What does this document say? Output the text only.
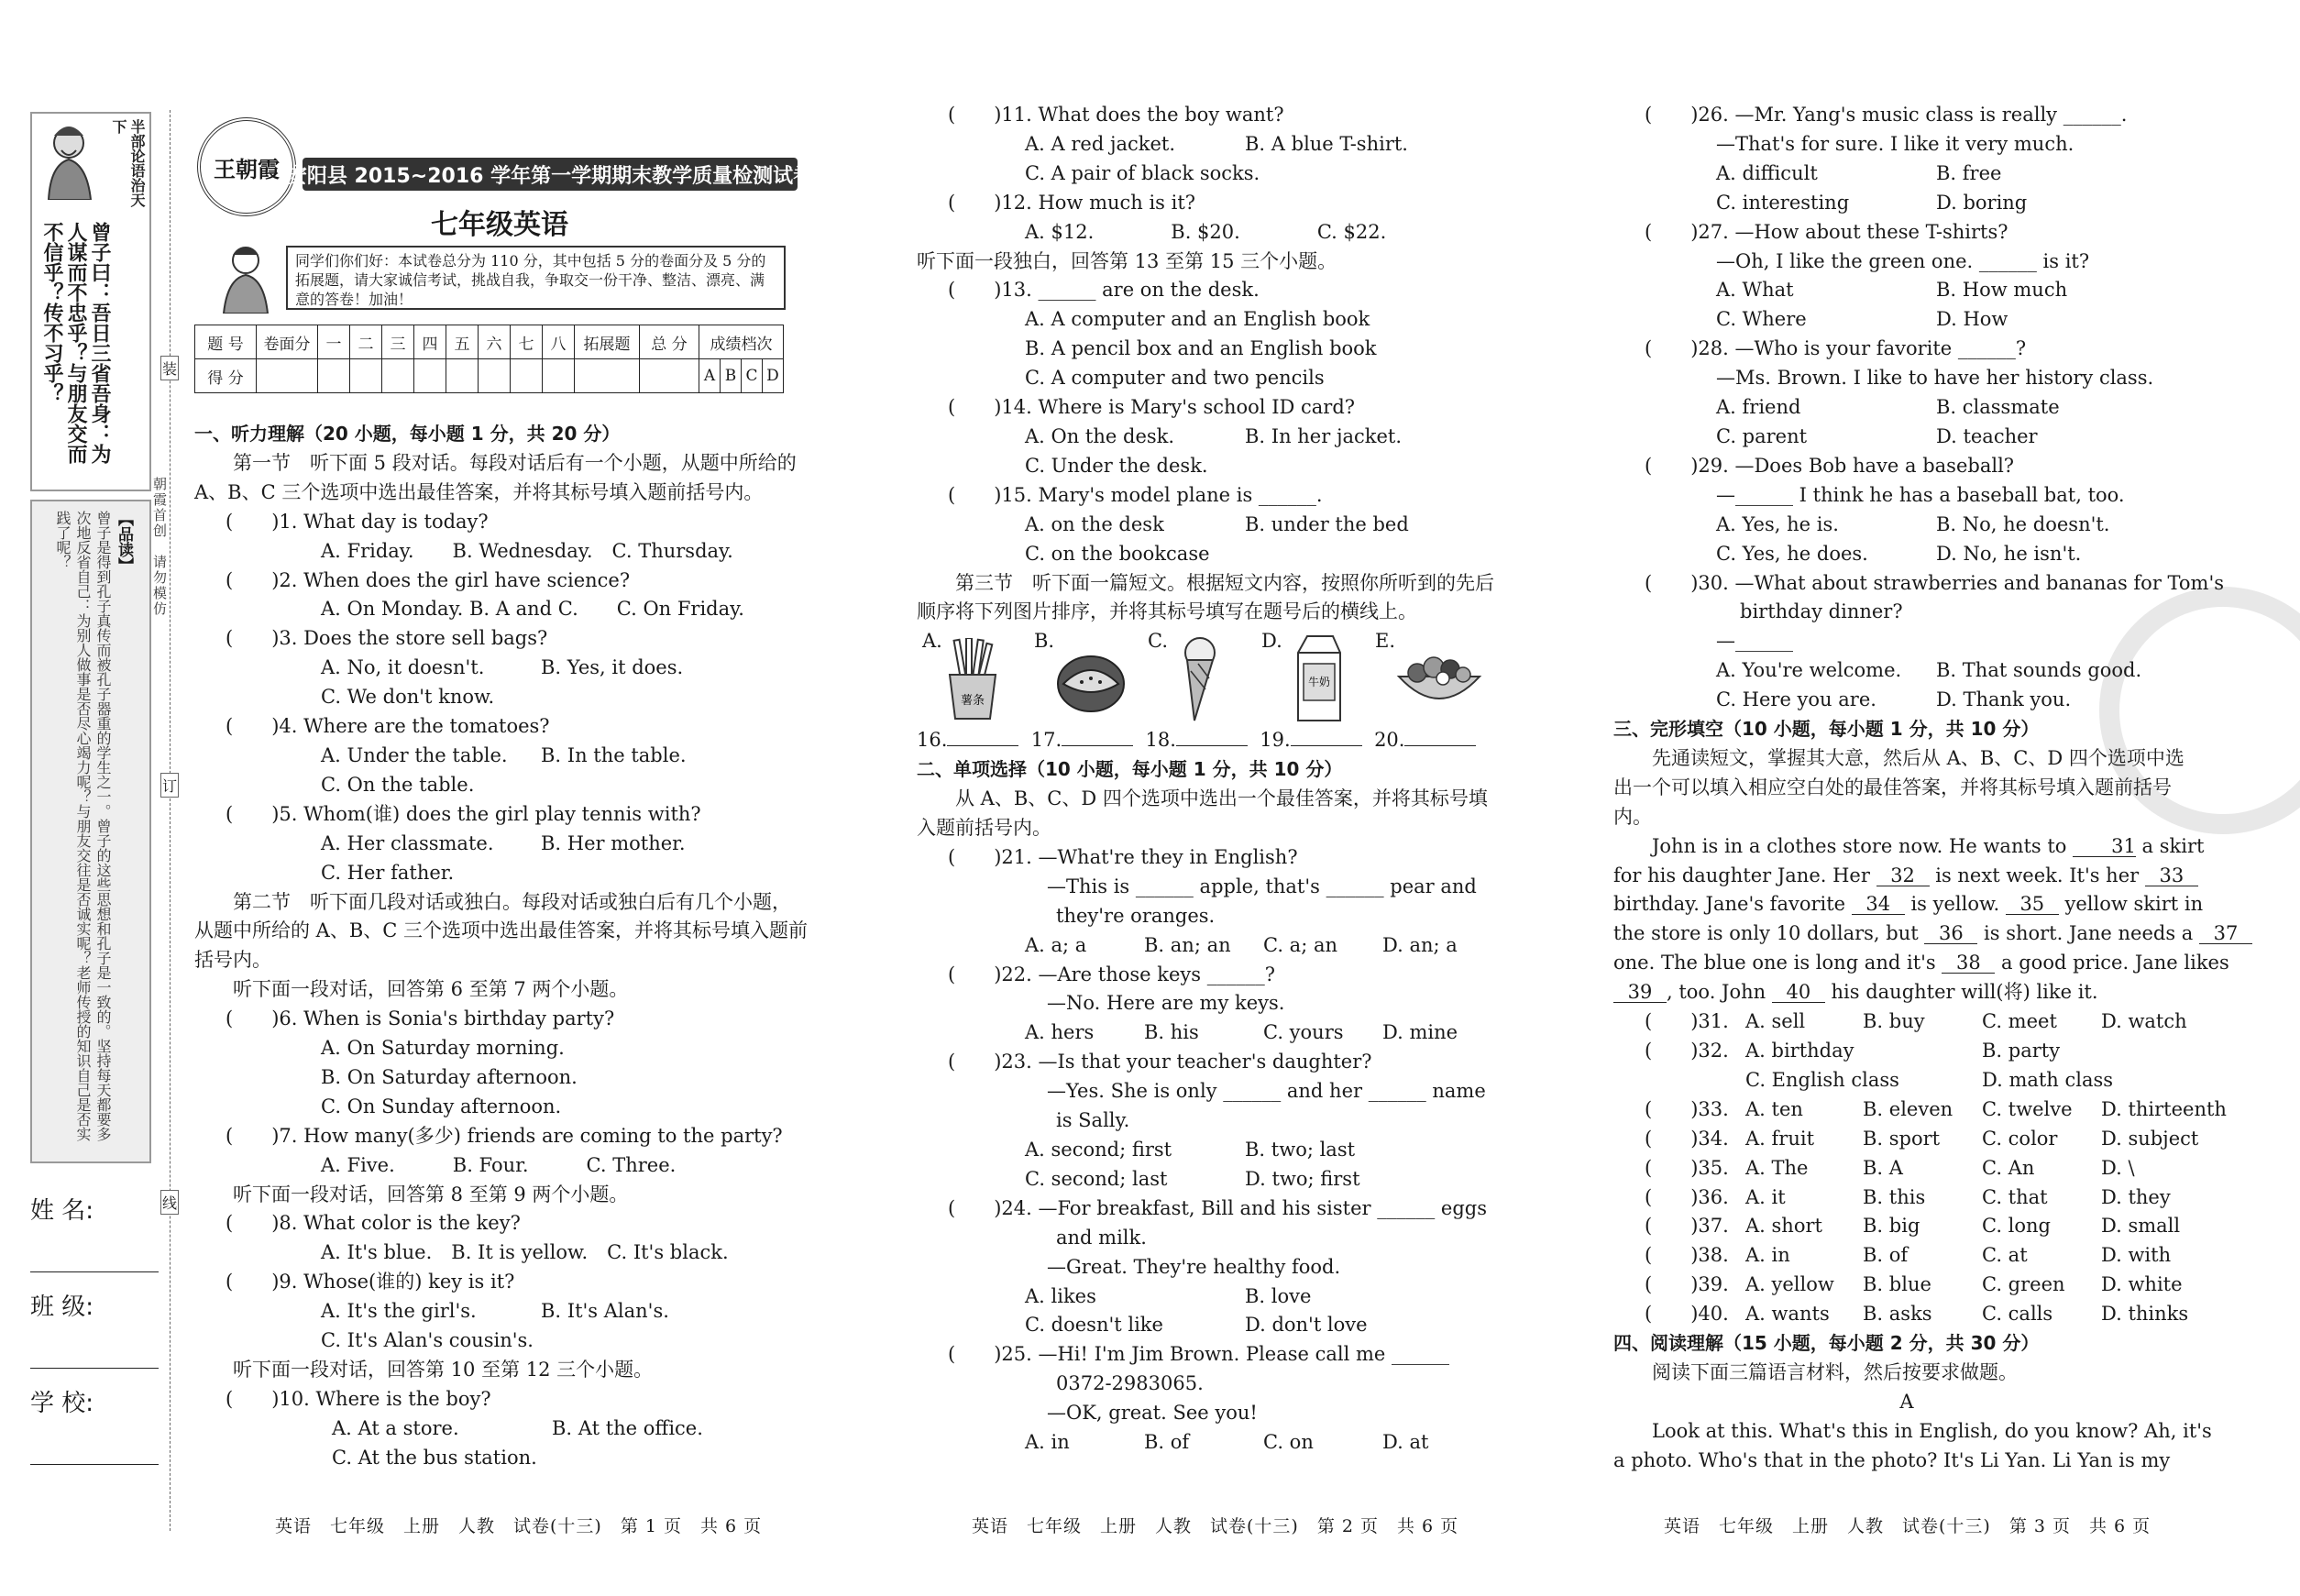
半部论语治天下
曾子曰：吾日三省吾身：为人谋而不忠乎？与朋友交而不信乎？传不习乎？
【品读】
曾子是得到孔子真传而被孔子器重的学生之一。曾子的这些思想和孔子是一致的。坚持每天都要多次地反省自己：为别人做事是否尽心竭力呢？与朋友交往是否诚实呢？老师传授的知识自己是否实践了呢？
姓 名:
班 级:
学 校:
装
订
线
朝霞首创　请勿模仿
王朝霞 安阳县 2015~2016 学年第一学期期末教学质量检测试卷
七年级英语
同学们你们好：本试卷总分为 110 分，其中包括 5 分的卷面分及 5 分的拓展题，请大家诚信考试，挑战自我，争取交一份干净、整洁、漂亮、满意的答卷！加油！
题 号	卷面分	一	二	三	四	五	六	七	八	拓展题	总 分	成绩档次			
得 分												A	B	C	D

一、听力理解（20 小题，每小题 1 分，共 20 分）

第一节　听下面 5 段对话。每段对话后有一个小题，从题中所给的 A、B、C 三个选项中选出最佳答案，并将其标号填入题前括号内。

(　　)1. What day is today?

A. Friday.　　B. Wednesday.　C. Thursday.

(　　)2. When does the girl have science?

A. On Monday. B. A and C.　　C. On Friday.

(　　)3. Does the store sell bags?

A. No, it doesn't.	B. Yes, it does.

C. We don't know.

(　　)4. Where are the tomatoes?

A. Under the table. B. In the table.

C. On the table.

(　　)5. Whom(谁) does the girl play tennis with?

A. Her classmate. B. Her mother.

C. Her father.

第二节　听下面几段对话或独白。每段对话或独白后有几个小题，从题中所给的 A、B、C 三个选项中选出最佳答案，并将其标号填入题前括号内。

听下面一段对话，回答第 6 至第 7 两个小题。

(　　)6. When is Sonia's birthday party?

A. On Saturday morning.

B. On Saturday afternoon.

C. On Sunday afternoon.

(　　)7. How many(多少) friends are coming to the party?

A. Five.　　　B. Four.　　　C. Three.

听下面一段对话，回答第 8 至第 9 两个小题。

(　　)8. What color is the key?

A. It's blue.　B. It is yellow.　C. It's black.

(　　)9. Whose(谁的) key is it?

A. It's the girl's.	B. It's Alan's.

C. It's Alan's cousin's.

听下面一段对话，回答第 10 至第 12 三个小题。

(　　)10. Where is the boy?

A. At a store.	B. At the office.

C. At the bus station.

(　　)11. What does the boy want?

A. A red jacket.	B. A blue T-shirt.

C. A pair of black socks.

(　　)12. How much is it?

A. $12.　　　　B. $20.　　　　C. $22.

听下面一段独白，回答第 13 至第 15 三个小题。

(　　)13. ______ are on the desk.

A. A computer and an English book

B. A pencil box and an English book

C. A computer and two pencils

(　　)14. Where is Mary's school ID card?

A. On the desk.	B. In her jacket.

C. Under the desk.

(　　)15. Mary's model plane is ______.

A. on the desk	B. under the bed

C. on the bookcase

第三节　听下面一篇短文。根据短文内容，按照你所听到的先后顺序将下列图片排序，并将其标号填写在题号后的横线上。

A.
薯条
B.	C.	D.
牛奶
E.

16.	17.	18.	19.	20.

二、单项选择（10 小题，每小题 1 分，共 10 分）

从 A、B、C、D 四个选项中选出一个最佳答案，并将其标号填入题前括号内。

(　　)21. —What're they in English?

—This is ______ apple, that's ______ pear and

they're oranges.

A. a; a	B. an; an C. a; an D. an; a

(　　)22. —Are those keys ______?

—No. Here are my keys.

A. hers	B. his	C. yours D. mine

(　　)23. —Is that your teacher's daughter?

—Yes. She is only ______ and her ______ name

is Sally.

A. second; first	B. two; last

C. second; last	D. two; first

(　　)24. —For breakfast, Bill and his sister ______ eggs

and milk.

—Great. They're healthy food.

A. likes	B. love

C. doesn't like	D. don't love

(　　)25. —Hi! I'm Jim Brown. Please call me ______

0372-2983065.

—OK, great. See you!

A. in	B. of	C. on	D. at

(　　)26. —Mr. Yang's music class is really ______.

—That's for sure. I like it very much.

A. difficult	B. free

C. interesting	D. boring

(　　)27. —How about these T-shirts?

—Oh, I like the green one. ______ is it?

A. What	B. How much

C. Where	D. How

(　　)28. —Who is your favorite ______?

—Ms. Brown. I like to have her history class.

A. friend	B. classmate

C. parent	D. teacher

(　　)29. —Does Bob have a baseball?

—______ I think he has a baseball bat, too.

A. Yes, he is.	B. No, he doesn't.

C. Yes, he does.	D. No, he isn't.

(　　)30. —What about strawberries and bananas for Tom's

birthday dinner?

—______

A. You're welcome. B. That sounds good.

C. Here you are.	D. Thank you.

三、完形填空（10 小题，每小题 1 分，共 10 分）

先通读短文，掌握其大意，然后从 A、B、C、D 四个选项中选出一个可以填入相应空白处的最佳答案，并将其标号填入题前括号内。

John is in a clothes store now. He wants to 31 a skirt

for his daughter Jane. Her 32 is next week. It's her 33

birthday. Jane's favorite 34 is yellow. 35 yellow skirt in

the store is only 10 dollars, but 36 is short. Jane needs a 37

one. The blue one is long and it's 38 a good price. Jane likes

39 , too. John 40 his daughter will(将) like it.

(　　)31. A. sell	B. buy	C. meet D. watch

(　　)32. A. birthday	B. party

C. English class	D. math class

(　　)33. A. ten	B. eleven C. twelve D. thirteenth

(　　)34. A. fruit	B. sport C. color D. subject

(　　)35. A. The	B. A	C. An	D. \

(　　)36. A. it	B. this	C. that	D. they

(　　)37. A. short B. big	C. long	D. small

(　　)38. A. in	B. of	C. at	D. with

(　　)39. A. yellow B. blue	C. green D. white

(　　)40. A. wants B. asks	C. calls	D. thinks

四、阅读理解（15 小题，每小题 2 分，共 30 分）

阅读下面三篇语言材料，然后按要求做题。

A

Look at this. What's this in English, do you know? Ah, it's

a photo. Who's that in the photo? It's Li Yan. Li Yan is my

英语　七年级　上册　人教　试卷(十三)　第 1 页　共 6 页	英语　七年级　上册　人教　试卷(十三)　第 2 页　共 6 页	英语　七年级　上册　人教　试卷(十三)　第 3 页　共 6 页
